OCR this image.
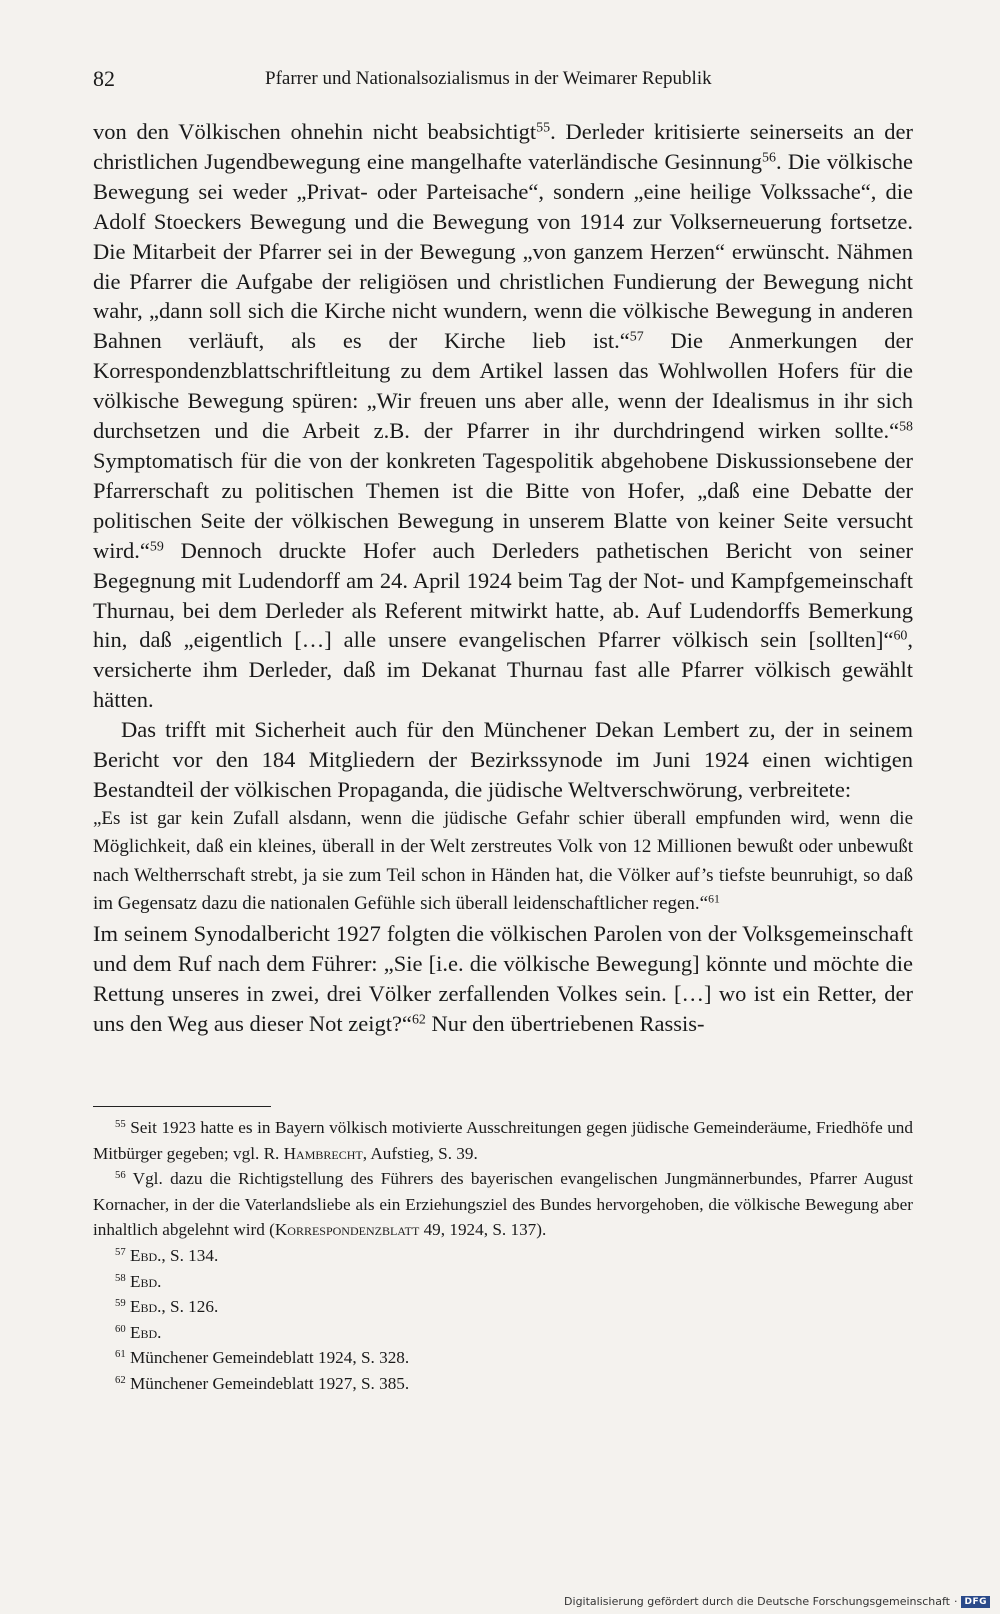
82	Pfarrer und Nationalsozialismus in der Weimarer Republik

von den Völkischen ohnehin nicht beabsichtigt$^{55}$. Derleder kritisierte seinerseits an der christlichen Jugendbewegung eine mangelhafte vaterländische Gesinnung$^{56}$. Die völkische Bewegung sei weder „Privat- oder Parteisache“, sondern „eine heilige Volkssache“, die Adolf Stoeckers Bewegung und die Bewegung von 1914 zur Volkserneuerung fortsetze. Die Mitarbeit der Pfarrer sei in der Bewegung „von ganzem Herzen“ erwünscht. Nähmen die Pfarrer die Aufgabe der religiösen und christlichen Fundierung der Bewegung nicht wahr, „dann soll sich die Kirche nicht wundern, wenn die völkische Bewegung in anderen Bahnen verläuft, als es der Kirche lieb ist.“$^{57}$ Die Anmerkungen der Korrespondenzblattschriftleitung zu dem Artikel lassen das Wohlwollen Hofers für die völkische Bewegung spüren: „Wir freuen uns aber alle, wenn der Idealismus in ihr sich durchsetzen und die Arbeit z.B. der Pfarrer in ihr durchdringend wirken sollte.“$^{58}$ Symptomatisch für die von der konkreten Tagespolitik abgehobene Diskussionsebene der Pfarrerschaft zu politischen Themen ist die Bitte von Hofer, „daß eine Debatte der politischen Seite der völkischen Bewegung in unserem Blatte von keiner Seite versucht wird.“$^{59}$ Dennoch druckte Hofer auch Derleders pathetischen Bericht von seiner Begegnung mit Ludendorff am 24. April 1924 beim Tag der Not- und Kampfgemeinschaft Thurnau, bei dem Derleder als Referent mitwirkt hatte, ab. Auf Ludendorffs Bemerkung hin, daß „eigentlich […] alle unsere evangelischen Pfarrer völkisch sein [sollten]“$^{60}$, versicherte ihm Derleder, daß im Dekanat Thurnau fast alle Pfarrer völkisch gewählt hätten.

Das trifft mit Sicherheit auch für den Münchener Dekan Lembert zu, der in seinem Bericht vor den 184 Mitgliedern der Bezirkssynode im Juni 1924 einen wichtigen Bestandteil der völkischen Propaganda, die jüdische Weltverschwörung, verbreitete:

„Es ist gar kein Zufall alsdann, wenn die jüdische Gefahr schier überall empfunden wird, wenn die Möglichkeit, daß ein kleines, überall in der Welt zerstreutes Volk von 12 Millionen bewußt oder unbewußt nach Weltherrschaft strebt, ja sie zum Teil schon in Händen hat, die Völker auf’s tiefste beunruhigt, so daß im Gegensatz dazu die nationalen Gefühle sich überall leidenschaftlicher regen.“$^{61}$

Im seinem Synodalbericht 1927 folgten die völkischen Parolen von der Volksgemeinschaft und dem Ruf nach dem Führer: „Sie [i.e. die völkische Bewegung] könnte und möchte die Rettung unseres in zwei, drei Völker zerfallenden Volkes sein. […] wo ist ein Retter, der uns den Weg aus dieser Not zeigt?“$^{62}$ Nur den übertriebenen Rassis-

$^{55}$ Seit 1923 hatte es in Bayern völkisch motivierte Ausschreitungen gegen jüdische Gemeinderäume, Friedhöfe und Mitbürger gegeben; vgl. R. Hambrecht, Aufstieg, S. 39.

$^{56}$ Vgl. dazu die Richtigstellung des Führers des bayerischen evangelischen Jungmännerbundes, Pfarrer August Kornacher, in der die Vaterlandsliebe als ein Erziehungsziel des Bundes hervorgehoben, die völkische Bewegung aber inhaltlich abgelehnt wird (Korrespondenzblatt 49, 1924, S. 137).

$^{57}$ Ebd., S. 134.

$^{58}$ Ebd.

$^{59}$ Ebd., S. 126.

$^{60}$ Ebd.

$^{61}$ Münchener Gemeindeblatt 1924, S. 328.

$^{62}$ Münchener Gemeindeblatt 1927, S. 385.

Digitalisierung gefördert durch die Deutsche Forschungsgemeinschaft · DFG
